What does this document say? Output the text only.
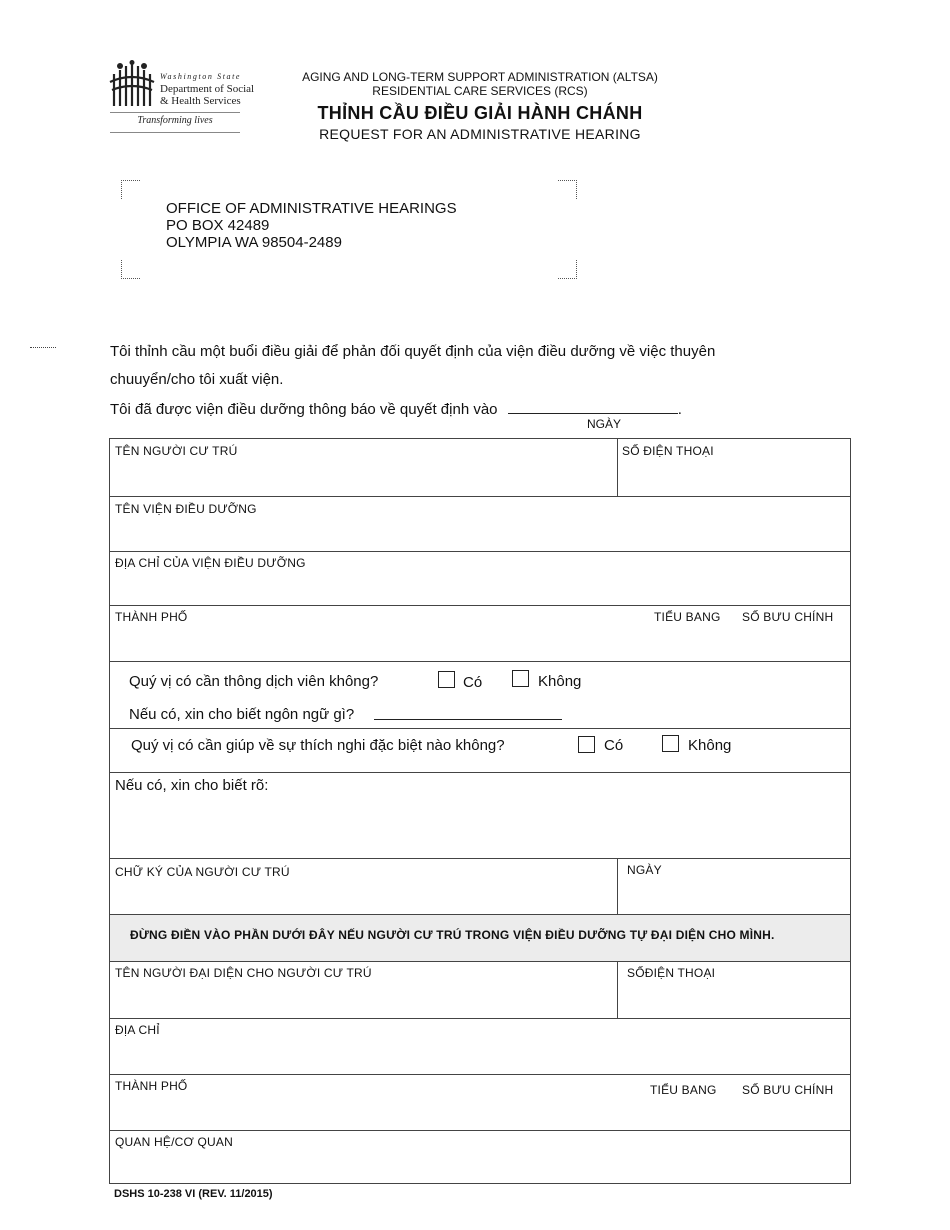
Washington State
Department of Social
& Health Services
Transforming lives
AGING AND LONG-TERM SUPPORT ADMINISTRATION (ALTSA)
RESIDENTIAL CARE SERVICES (RCS)
THỈNH CẦU ĐIỀU GIẢI HÀNH CHÁNH
REQUEST FOR AN ADMINISTRATIVE HEARING
OFFICE OF ADMINISTRATIVE HEARINGS
PO BOX 42489
OLYMPIA WA 98504-2489
Tôi thỉnh cầu một buổi điều giải để phản đối quyết định của viện điều dưỡng về việc thuyên
chuuyển/cho tôi xuất viện.
Tôi đã được viện điều dưỡng thông báo về quyết định vào	.
NGÀY
TÊN NGƯỜI CƯ TRÚ	SỐ ĐIỆN THOẠI
TÊN VIỆN ĐIỀU DƯỠNG
ĐỊA CHỈ CỦA VIỆN ĐIỀU DƯỠNG
THÀNH PHỐ	TIỂU BANG SỐ BƯU CHÍNH
Quý vị có cần thông dịch viên không?	Có	Không
Nếu có, xin cho biết ngôn ngữ gì?
Quý vị có cần giúp về sự thích nghi đặc biệt nào không?	Có	Không
Nếu có, xin cho biết rõ:
CHỮ KÝ CỦA NGƯỜI CƯ TRÚ	NGÀY
ĐỪNG ĐIỀN VÀO PHẦN DƯỚI ĐÂY NẾU NGƯỜI CƯ TRÚ TRONG VIỆN ĐIỀU DƯỠNG TỰ ĐẠI DIỆN CHO MÌNH.
TÊN NGƯỜI ĐẠI DIỆN CHO NGƯỜI CƯ TRÚ	SỐĐIỆN THOẠI
ĐỊA CHỈ
THÀNH PHỐ	TIỂU BANG SỐ BƯU CHÍNH
QUAN HỆ/CƠ QUAN
DSHS 10-238 VI (REV. 11/2015)
